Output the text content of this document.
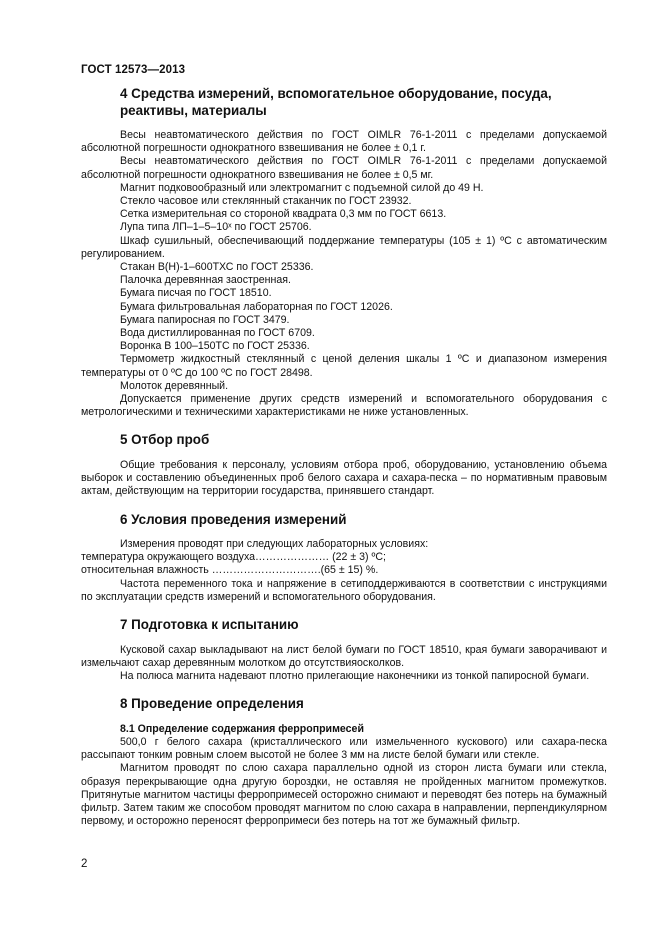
ГОСТ 12573—2013
4 Средства измерений, вспомогательное оборудование, посуда, реактивы, материалы

Весы неавтоматического действия по ГОСТ OIMLR 76-1-2011 с пределами допускаемой абсолютной погрешности однократного взвешивания не более ± 0,1 г.

Весы неавтоматического действия по ГОСТ OIMLR 76-1-2011 с пределами допускаемой абсолютной погрешности однократного взвешивания не более ± 0,5 мг.

Магнит подковообразный или электромагнит с подъемной силой до 49 Н.

Стекло часовое или стеклянный стаканчик по ГОСТ 23932.

Сетка измерительная со стороной квадрата 0,3 мм по ГОСТ 6613.

Лупа типа ЛП–1–5–10ˣ по ГОСТ 25706.

Шкаф сушильный, обеспечивающий поддержание температуры (105 ± 1) ºС с автоматическим регулированием.

Стакан В(Н)-1–600ТХС по ГОСТ 25336.

Палочка деревянная заостренная.

Бумага писчая по ГОСТ 18510.

Бумага фильтровальная лабораторная по ГОСТ 12026.

Бумага папиросная по ГОСТ 3479.

Вода дистиллированная по ГОСТ 6709.

Воронка В 100–150ТС по ГОСТ 25336.

Термометр жидкостный стеклянный с ценой деления шкалы 1 ºС и диапазоном измерения температуры от 0 ºС до 100 ºС по ГОСТ 28498.

Молоток деревянный.

Допускается применение других средств измерений и вспомогательного оборудования с метрологическими и техническими характеристиками не ниже установленных.

5 Отбор проб

Общие требования к персоналу, условиям отбора проб, оборудованию, установлению объема выборок и составлению объединенных проб белого сахара и сахара-песка – по нормативным правовым актам, действующим на территории государства, принявшего стандарт.

6 Условия проведения измерений

Измерения проводят при следующих лабораторных условиях:

температура окружающего воздуха………………… (22 ± 3) ºС;

относительная влажность ………………………….(65 ± 15) %.

Частота переменного тока и напряжение в сетиподдерживаются в соответствии с инструкциями по эксплуатации средств измерений и вспомогательного оборудования.

7 Подготовка к испытанию

Кусковой сахар выкладывают на лист белой бумаги по ГОСТ 18510, края бумаги заворачивают и измельчают сахар деревянным молотком до отсутствияосколков.

На полюса магнита надевают плотно прилегающие наконечники из тонкой папиросной бумаги.

8 Проведение определения

8.1 Определение содержания ферропримесей

500,0 г белого сахара (кристаллического или измельченного кускового) или сахара-песка рассыпают тонким ровным слоем высотой не более 3 мм на листе белой бумаги или стекле.

Магнитом проводят по слою сахара параллельно одной из сторон листа бумаги или стекла, образуя перекрывающие одна другую бороздки, не оставляя не пройденных магнитом промежутков. Притянутые магнитом частицы ферропримесей осторожно снимают и переводят без потерь на бумажный фильтр. Затем таким же способом проводят магнитом по слою сахара в направлении, перпендикулярном первому, и осторожно переносят ферропримеси без потерь на тот же бумажный фильтр.

2
